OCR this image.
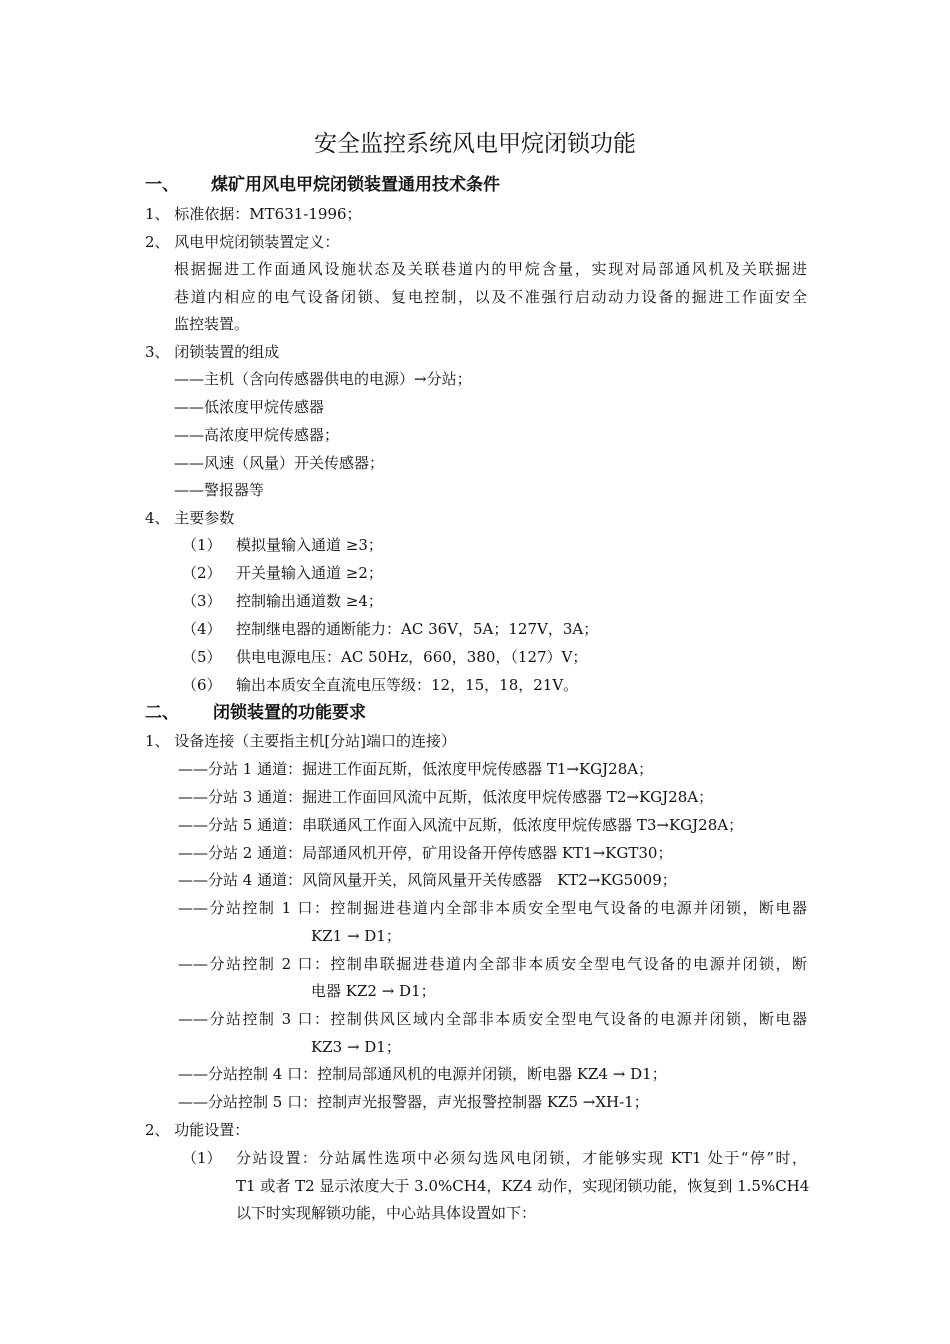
安全监控系统风电甲烷闭锁功能
一、 煤矿用风电甲烷闭锁装置通用技术条件
1、 标准依据：MT631-1996；
2、 风电甲烷闭锁装置定义：
根据掘进工作面通风设施状态及关联巷道内的甲烷含量，实现对局部通风机及关联掘进
巷道内相应的电气设备闭锁、复电控制，以及不准强行启动动力设备的掘进工作面安全
监控装置。
3、 闭锁装置的组成
——主机（含向传感器供电的电源）→分站；
——低浓度甲烷传感器
——高浓度甲烷传感器；
——风速（风量）开关传感器；
——警报器等
4、 主要参数
（1） 模拟量输入通道 ≥3；
（2） 开关量输入通道 ≥2；
（3） 控制输出通道数 ≥4；
（4） 控制继电器的通断能力：AC 36V，5A；127V，3A；
（5） 供电电源电压：AC 50Hz，660，380，（127）V；
（6） 输出本质安全直流电压等级：12，15，18，21V。
二、 闭锁装置的功能要求
1、 设备连接（主要指主机[分站]端口的连接）
——分站 1 通道：掘进工作面瓦斯，低浓度甲烷传感器 T1→KGJ28A；
——分站 3 通道：掘进工作面回风流中瓦斯，低浓度甲烷传感器 T2→KGJ28A；
——分站 5 通道：串联通风工作面入风流中瓦斯，低浓度甲烷传感器 T3→KGJ28A；
——分站 2 通道：局部通风机开停，矿用设备开停传感器 KT1→KGT30；
——分站 4 通道：风筒风量开关，风筒风量开关传感器　KT2→KG5009；
——分站控制 1 口：控制掘进巷道内全部非本质安全型电气设备的电源并闭锁，断电器
KZ1 → D1；
——分站控制 2 口：控制串联掘进巷道内全部非本质安全型电气设备的电源并闭锁，断
电器 KZ2 → D1；
——分站控制 3 口：控制供风区域内全部非本质安全型电气设备的电源并闭锁，断电器
KZ3 → D1；
——分站控制 4 口：控制局部通风机的电源并闭锁，断电器 KZ4 → D1；
——分站控制 5 口：控制声光报警器，声光报警控制器 KZ5 →XH-1；
2、 功能设置：
（1） 分站设置：分站属性选项中必须勾选风电闭锁，才能够实现 KT1 处于“停”时，
T1 或者 T2 显示浓度大于 3.0%CH4，KZ4 动作，实现闭锁功能，恢复到 1.5%CH4
以下时实现解锁功能，中心站具体设置如下：
